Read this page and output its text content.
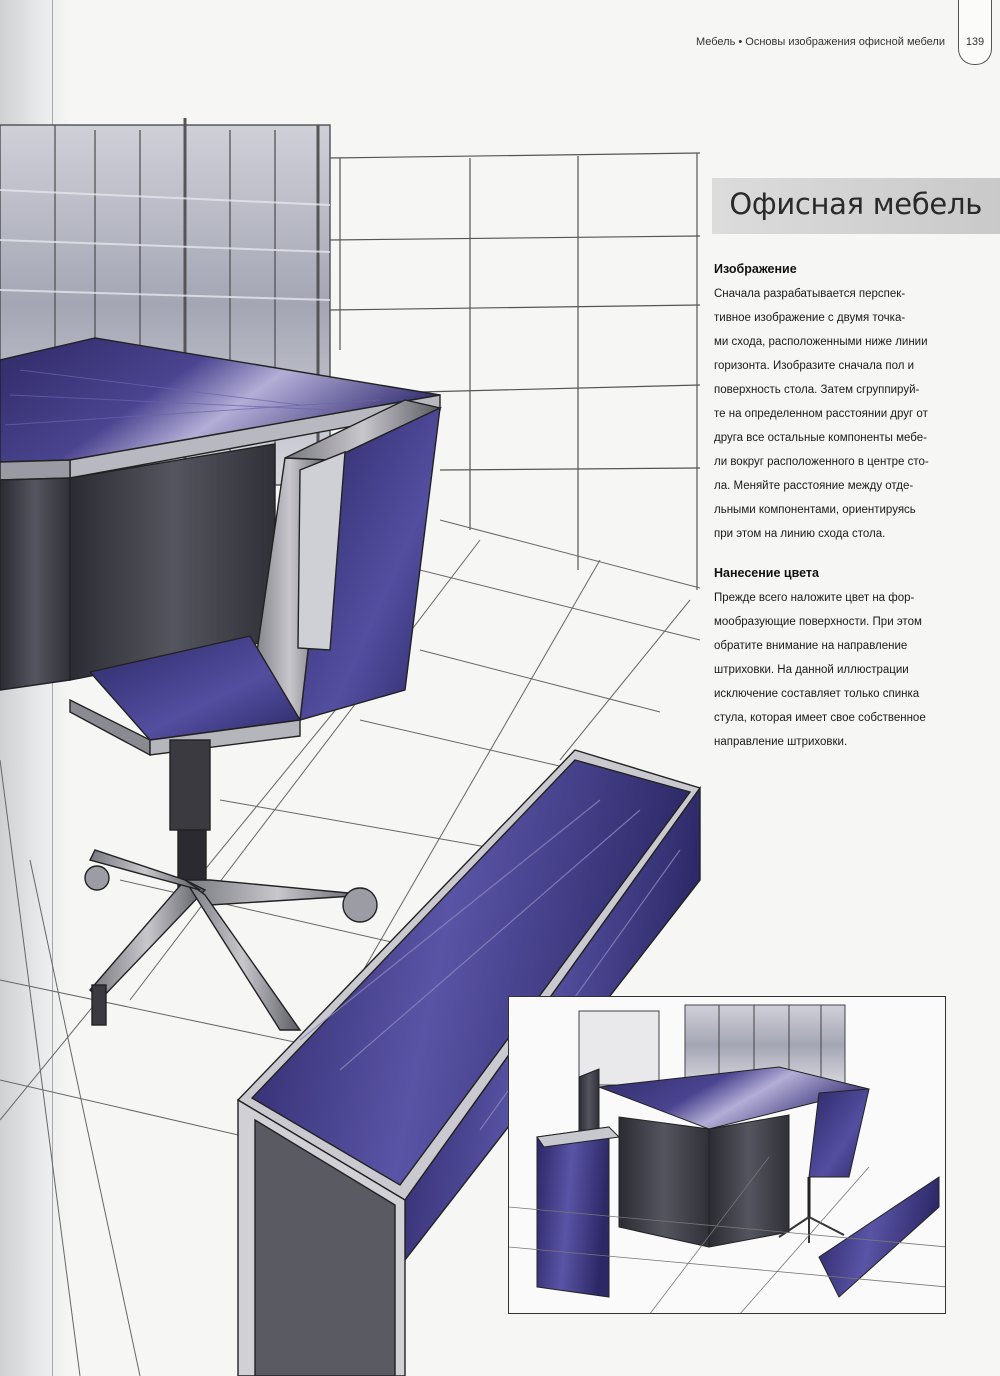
Мебель • Основы изображения офисной мебели	139
Офисная мебель
Изображение

Сначала разрабатывается перспек-
тивное изображение с двумя точка-
ми схода, расположенными ниже линии
горизонта. Изобразите сначала пол и
поверхность стола. Затем сгруппируй-
те на определенном расстоянии друг от
друга все остальные компоненты мебе-
ли вокруг расположенного в центре сто-
ла. Меняйте расстояние между отде-
льными компонентами, ориентируясь
при этом на линию схода стола.

Нанесение цвета

Прежде всего наложите цвет на фор-
мообразующие поверхности. При этом
обратите внимание на направление
штриховки. На данной иллюстрации
исключение составляет только спинка
стула, которая имеет свое собственное
направление штриховки.
